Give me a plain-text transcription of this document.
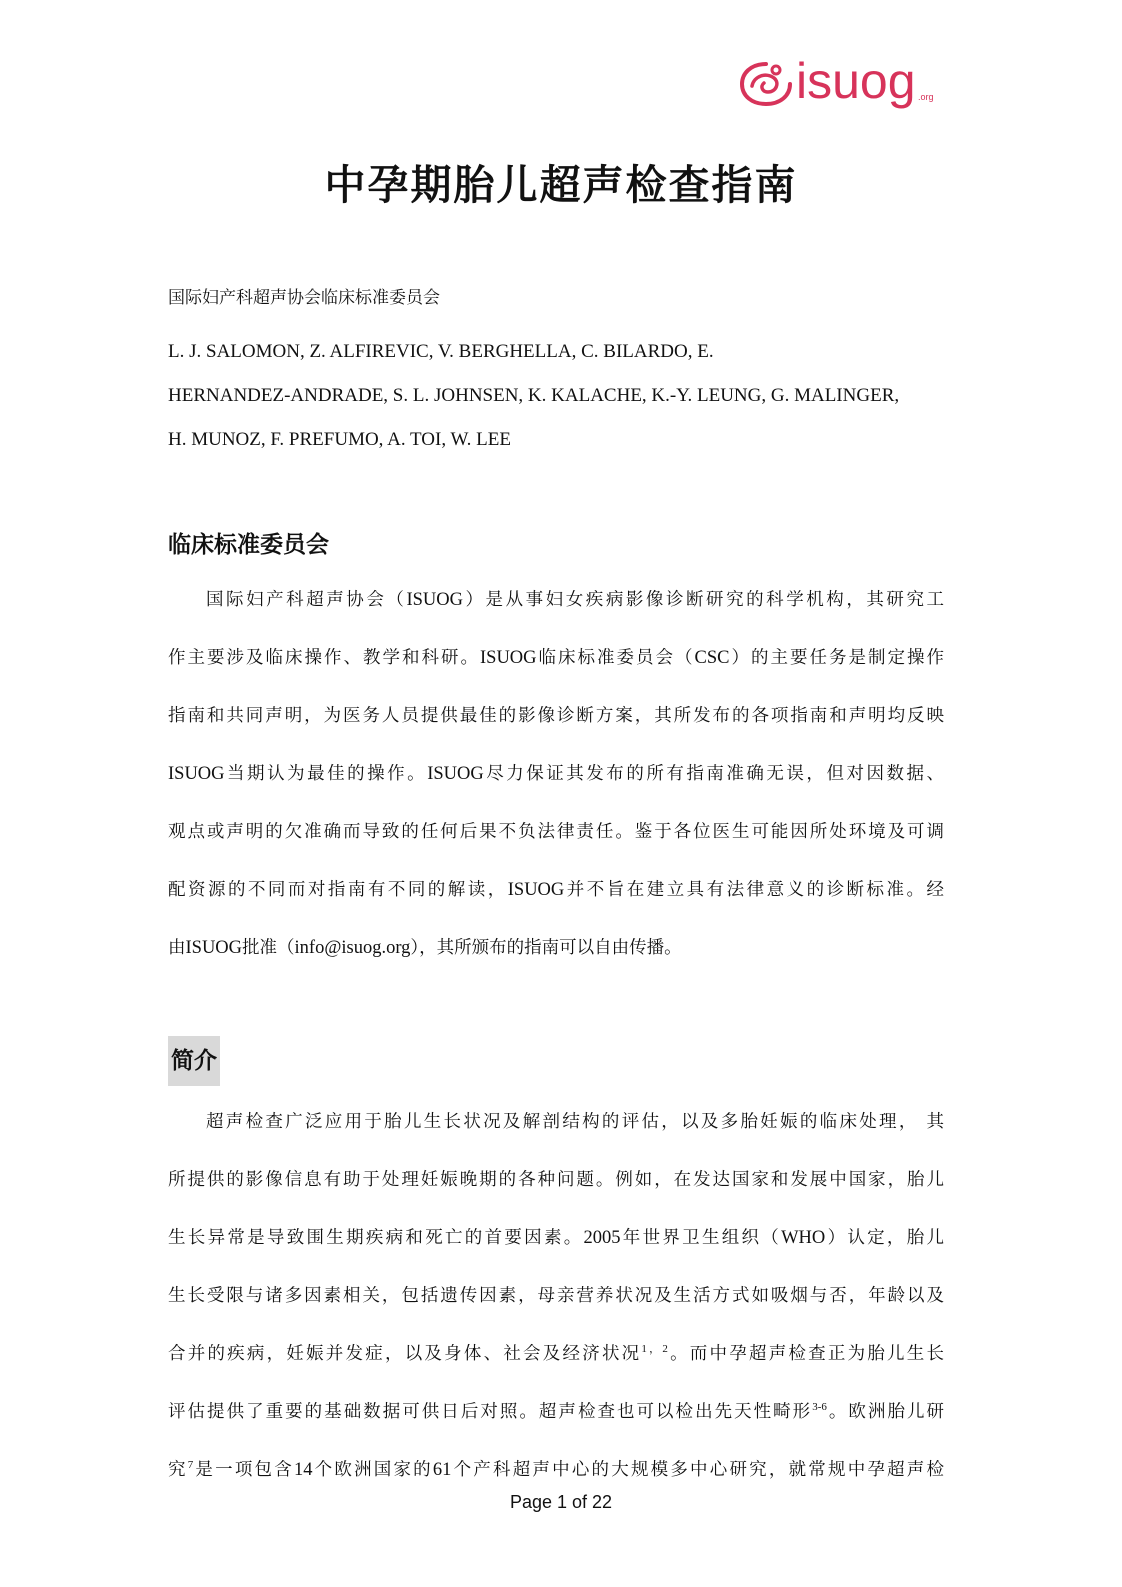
isuog .org
中孕期胎儿超声检查指南
国际妇产科超声协会临床标准委员会
L. J. SALOMON, Z. ALFIREVIC, V. BERGHELLA, C. BILARDO, E.
HERNANDEZ-ANDRADE, S. L. JOHNSEN, K. KALACHE, K.-Y. LEUNG, G. MALINGER,
H. MUNOZ, F. PREFUMO, A. TOI, W. LEE
临床标准委员会
国际妇产科超声协会（ISUOG）是从事妇女疾病影像诊断研究的科学机构，其研究工
作主要涉及临床操作、教学和科研。ISUOG临床标准委员会（CSC）的主要任务是制定操作
指南和共同声明，为医务人员提供最佳的影像诊断方案，其所发布的各项指南和声明均反映
ISUOG当期认为最佳的操作。ISUOG尽力保证其发布的所有指南准确无误，但对因数据、
观点或声明的欠准确而导致的任何后果不负法律责任。鉴于各位医生可能因所处环境及可调
配资源的不同而对指南有不同的解读，ISUOG并不旨在建立具有法律意义的诊断标准。经
由ISUOG批准（info@isuog.org），其所颁布的指南可以自由传播。
简介
超声检查广泛应用于胎儿生长状况及解剖结构的评估，以及多胎妊娠的临床处理， 其
所提供的影像信息有助于处理妊娠晚期的各种问题。例如，在发达国家和发展中国家，胎儿
生长异常是导致围生期疾病和死亡的首要因素。2005年世界卫生组织（WHO）认定，胎儿
生长受限与诸多因素相关，包括遗传因素，母亲营养状况及生活方式如吸烟与否，年龄以及
合并的疾病，妊娠并发症，以及身体、社会及经济状况$^{1,2}$。而中孕超声检查正为胎儿生长
评估提供了重要的基础数据可供日后对照。超声检查也可以检出先天性畸形$^{3-6}$。欧洲胎儿研
究$^7$是一项包含14个欧洲国家的61个产科超声中心的大规模多中心研究，就常规中孕超声检
Page 1 of 22
